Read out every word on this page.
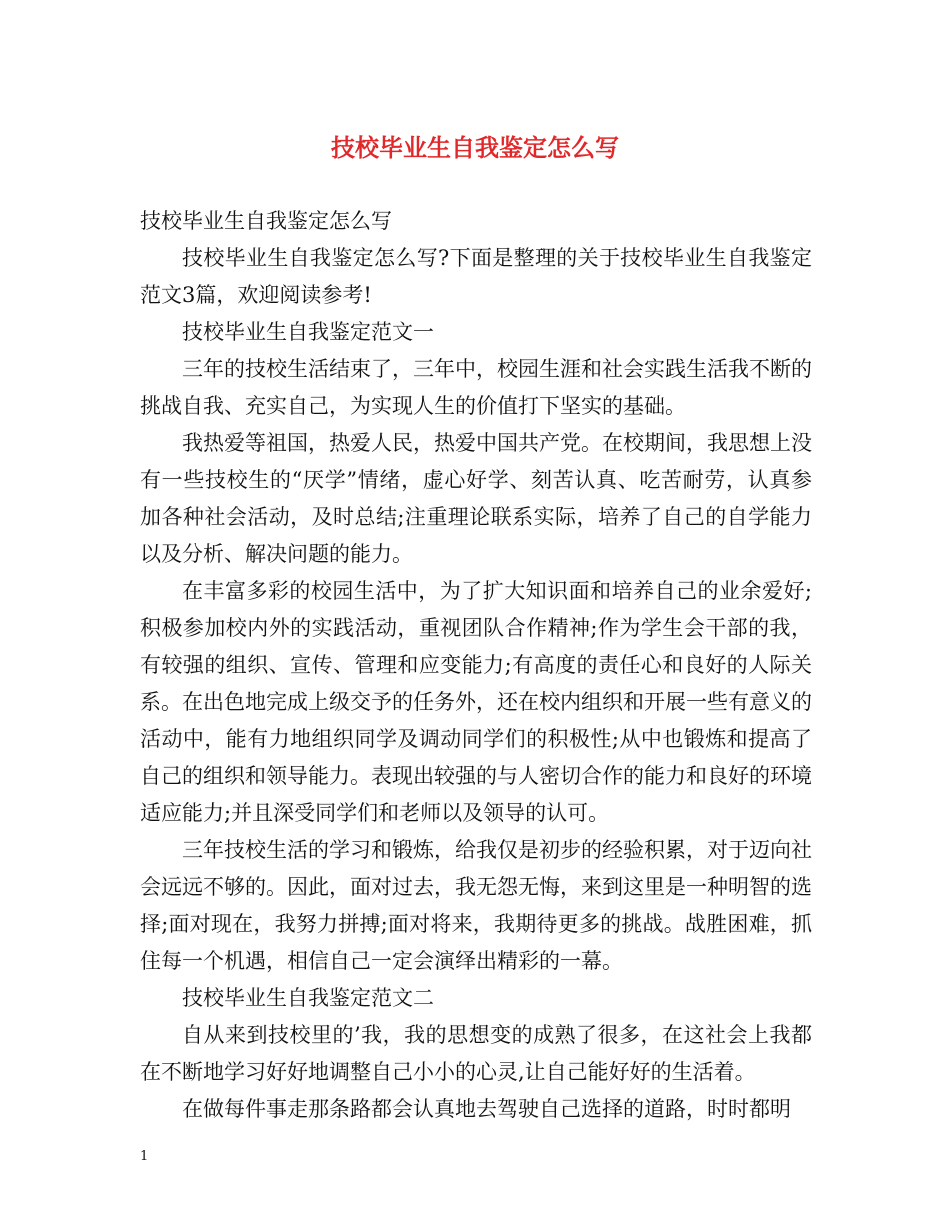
技校毕业生自我鉴定怎么写

技校毕业生自我鉴定怎么写

技校毕业生自我鉴定怎么写?下面是整理的关于技校毕业生自我鉴定范文3篇，欢迎阅读参考!

技校毕业生自我鉴定范文一

三年的技校生活结束了，三年中，校园生涯和社会实践生活我不断的挑战自我、充实自己，为实现人生的价值打下坚实的基础。

我热爱等祖国，热爱人民，热爱中国共产党。在校期间，我思想上没有一些技校生的“厌学”情绪，虚心好学、刻苦认真、吃苦耐劳，认真参加各种社会活动，及时总结;注重理论联系实际，培养了自己的自学能力以及分析、解决问题的能力。

在丰富多彩的校园生活中，为了扩大知识面和培养自己的业余爱好;积极参加校内外的实践活动，重视团队合作精神;作为学生会干部的我，有较强的组织、宣传、管理和应变能力;有高度的责任心和良好的人际关系。在出色地完成上级交予的任务外，还在校内组织和开展一些有意义的活动中，能有力地组织同学及调动同学们的积极性;从中也锻炼和提高了自己的组织和领导能力。表现出较强的与人密切合作的能力和良好的环境适应能力;并且深受同学们和老师以及领导的认可。

三年技校生活的学习和锻炼，给我仅是初步的经验积累，对于迈向社会远远不够的。因此，面对过去，我无怨无悔，来到这里是一种明智的选择;面对现在，我努力拼搏;面对将来，我期待更多的挑战。战胜困难，抓住每一个机遇，相信自己一定会演绎出精彩的一幕。

技校毕业生自我鉴定范文二

自从来到技校里的’我，我的思想变的成熟了很多，在这社会上我都在不断地学习好好地调整自己小小的心灵,让自己能好好的生活着。

在做每件事走那条路都会认真地去驾驶自己选择的道路，时时都明

1
